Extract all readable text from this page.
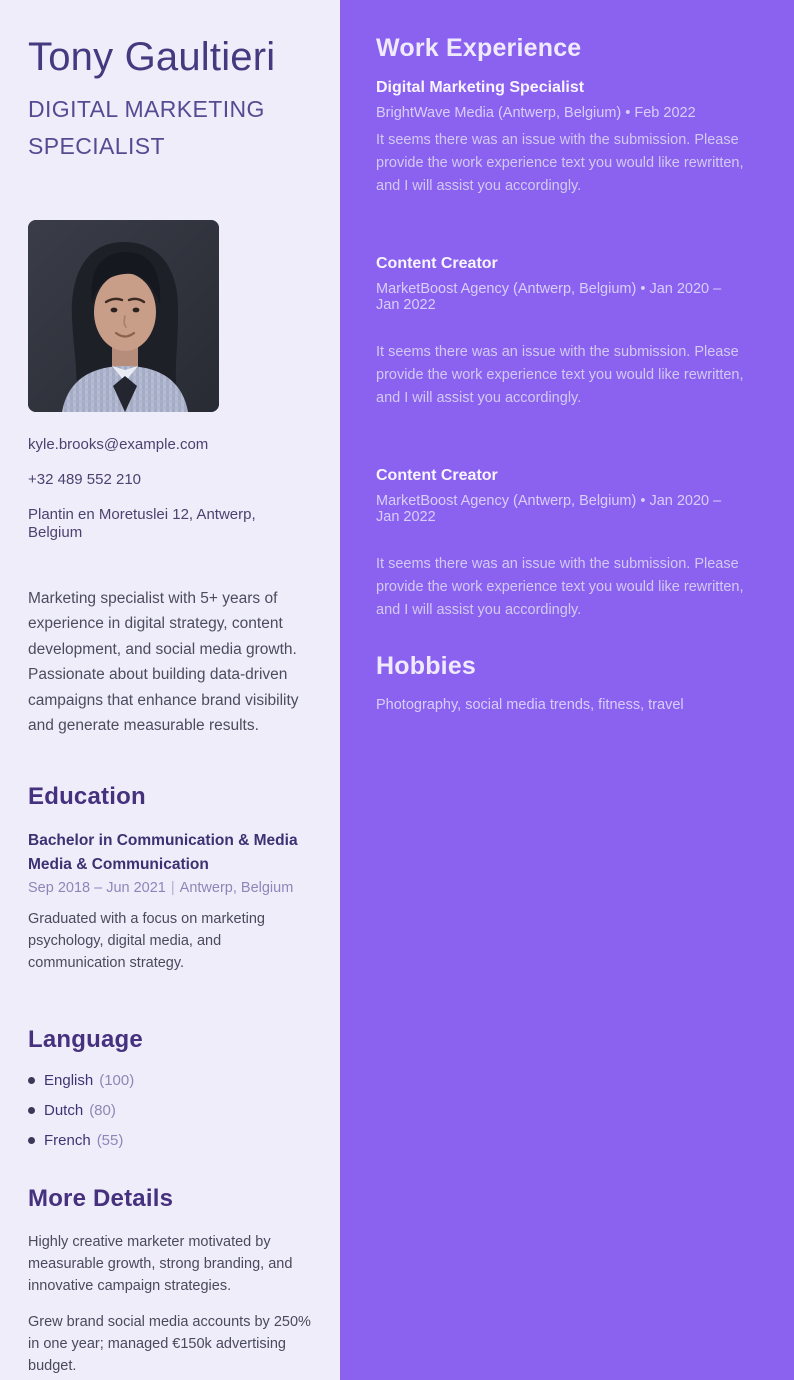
Tony Gaultieri
DIGITAL MARKETING SPECIALIST
kyle.brooks@example.com
+32 489 552 210
Plantin en Moretuslei 12, Antwerp, Belgium

Marketing specialist with 5+ years of experience in digital strategy, content development, and social media growth. Passionate about building data-driven campaigns that enhance brand visibility and generate measurable results.

Education
Bachelor in Communication & Media
Media & Communication
Sep 2018 – Jun 2021 | Antwerp, Belgium

Graduated with a focus on marketing psychology, digital media, and communication strategy.

Language
English (100)
Dutch (80)
French (55)
More Details

Highly creative marketer motivated by measurable growth, strong branding, and innovative campaign strategies.

Grew brand social media accounts by 250% in one year; managed €150k advertising budget.

Work Experience
Digital Marketing Specialist
BrightWave Media (Antwerp, Belgium) • Feb 2022

It seems there was an issue with the submission. Please provide the work experience text you would like rewritten, and I will assist you accordingly.

Content Creator
MarketBoost Agency (Antwerp, Belgium) • Jan 2020 – Jan 2022

It seems there was an issue with the submission. Please provide the work experience text you would like rewritten, and I will assist you accordingly.

Content Creator
MarketBoost Agency (Antwerp, Belgium) • Jan 2020 – Jan 2022

It seems there was an issue with the submission. Please provide the work experience text you would like rewritten, and I will assist you accordingly.

Hobbies

Photography, social media trends, fitness, travel
